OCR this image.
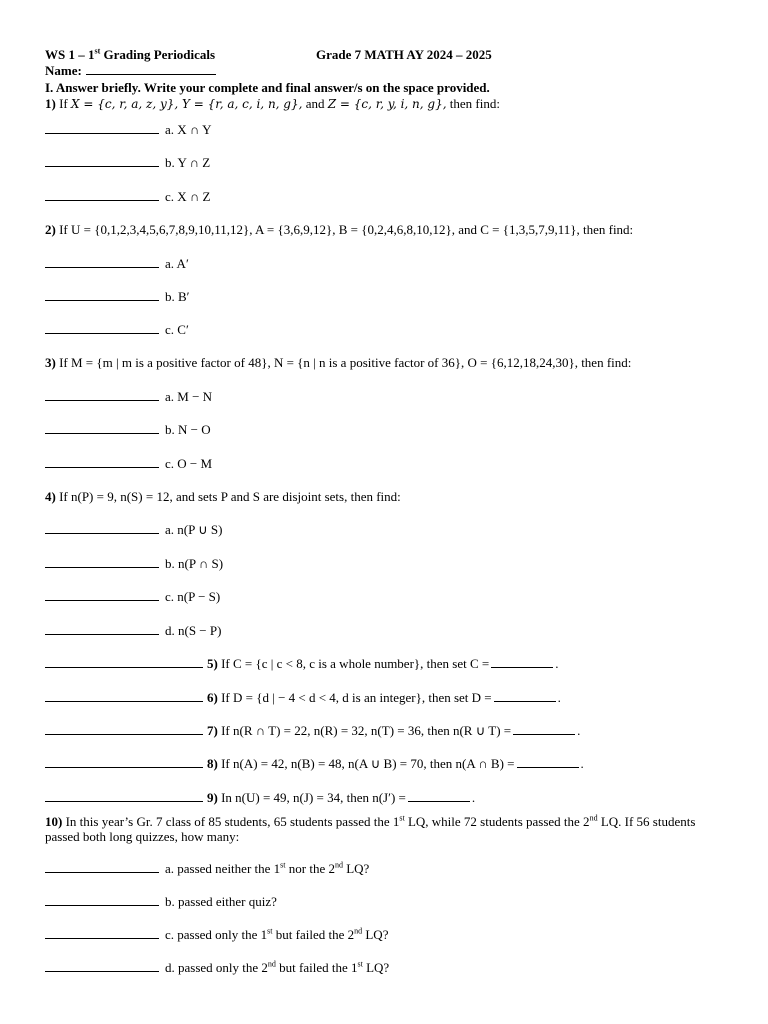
WS 1 – 1st Grading Periodicals	Grade 7 MATH AY 2024 – 2025
Name:
I. Answer briefly. Write your complete and final answer/s on the space provided.
1) If X = {c, r, a, z, y}, Y = {r, a, c, i, n, g}, and Z = {c, r, y, i, n, g}, then find:
a. X ∩ Y
b. Y ∩ Z
c. X ∩ Z
2) If U = {0,1,2,3,4,5,6,7,8,9,10,11,12}, A = {3,6,9,12}, B = {0,2,4,6,8,10,12}, and C = {1,3,5,7,9,11}, then find:
a. A′
b. B′
c. C′
3) If M = {m | m is a positive factor of 48}, N = {n | n is a positive factor of 36}, O = {6,12,18,24,30}, then find:
a. M − N
b. N − O
c. O − M
4) If n(P) = 9, n(S) = 12, and sets P and S are disjoint sets, then find:
a. n(P ∪ S)
b. n(P ∩ S)
c. n(P − S)
d. n(S − P)
5) If C = {c | c < 8, c is a whole number}, then set C =	.
6) If D = {d | − 4 < d < 4, d is an integer}, then set D =	.
7) If n(R ∩ T) = 22, n(R) = 32, n(T) = 36, then n(R ∪ T) =	.
8) If n(A) = 42, n(B) = 48, n(A ∪ B) = 70, then n(A ∩ B) =	.
9) In n(U) = 49, n(J) = 34, then n(J′) =	.
10) In this year’s Gr. 7 class of 85 students, 65 students passed the 1st LQ, while 72 students passed the 2nd LQ. If 56 students
passed both long quizzes, how many:
a. passed neither the 1st nor the 2nd LQ?
b. passed either quiz?
c. passed only the 1st but failed the 2nd LQ?
d. passed only the 2nd but failed the 1st LQ?
